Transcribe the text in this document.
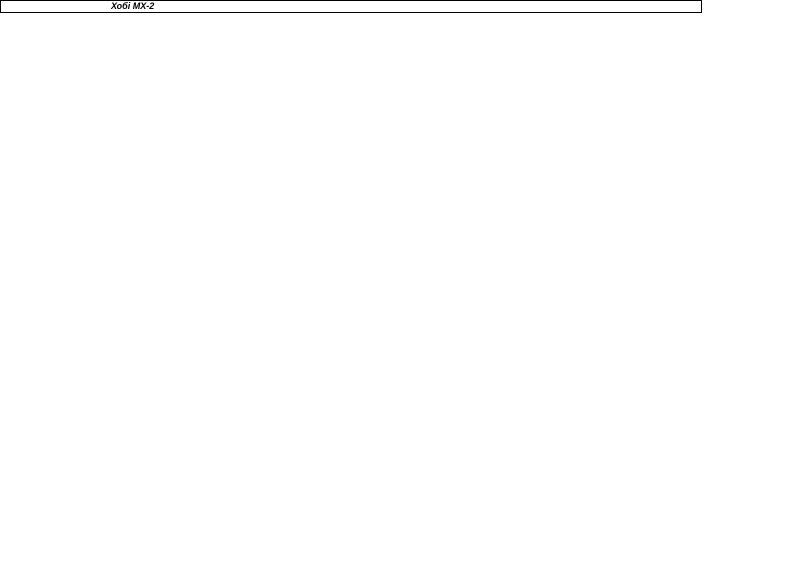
Хобі МХ-2
